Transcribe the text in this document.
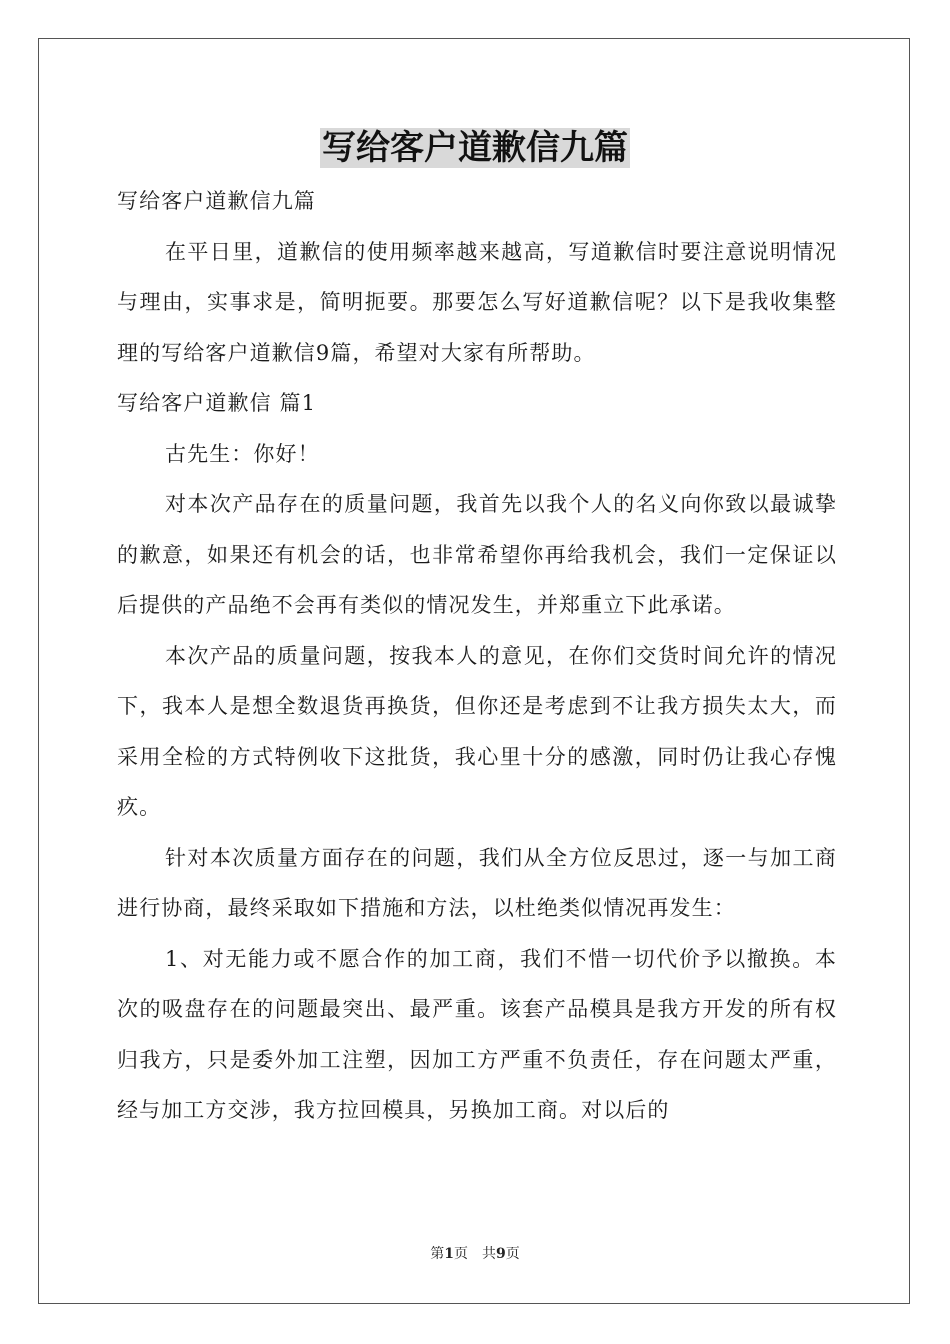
写给客户道歉信九篇

写给客户道歉信九篇

在平日里，道歉信的使用频率越来越高，写道歉信时要注意说明情况与理由，实事求是，简明扼要。那要怎么写好道歉信呢？以下是我收集整理的写给客户道歉信9篇，希望对大家有所帮助。

写给客户道歉信 篇1

古先生：你好！

对本次产品存在的质量问题，我首先以我个人的名义向你致以最诚挚的歉意，如果还有机会的话，也非常希望你再给我机会，我们一定保证以后提供的产品绝不会再有类似的情况发生，并郑重立下此承诺。

本次产品的质量问题，按我本人的意见，在你们交货时间允许的情况下，我本人是想全数退货再换货，但你还是考虑到不让我方损失太大，而采用全检的方式特例收下这批货，我心里十分的感激，同时仍让我心存愧疚。

针对本次质量方面存在的问题，我们从全方位反思过，逐一与加工商进行协商，最终采取如下措施和方法，以杜绝类似情况再发生：

1、对无能力或不愿合作的加工商，我们不惜一切代价予以撤换。本次的吸盘存在的问题最突出、最严重。该套产品模具是我方开发的所有权归我方，只是委外加工注塑，因加工方严重不负责任，存在问题太严重，经与加工方交涉，我方拉回模具，另换加工商。对以后的

第1页　共9页
